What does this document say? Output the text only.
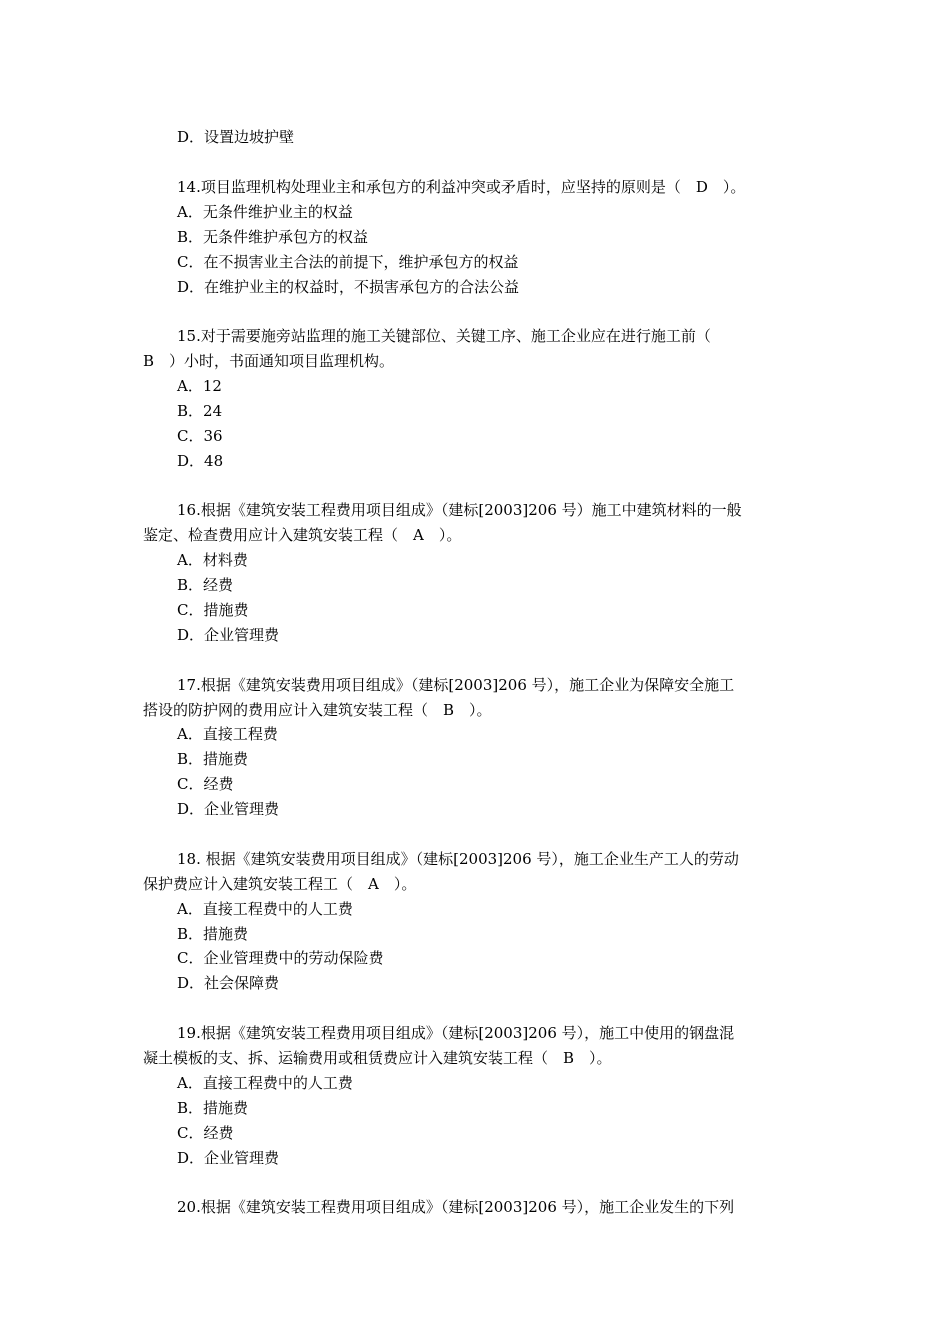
D．设置边坡护壁
14.项目监理机构处理业主和承包方的利益冲突或矛盾时，应坚持的原则是（　D　）。
A．无条件维护业主的权益
B．无条件维护承包方的权益
C．在不损害业主合法的前提下，维护承包方的权益
D．在维护业主的权益时，不损害承包方的合法公益
15.对于需要施旁站监理的施工关键部位、关键工序、施工企业应在进行施工前（
B　）小时，书面通知项目监理机构。
A．12
B．24
C．36
D．48
16.根据《建筑安装工程费用项目组成》（建标[2003]206 号）施工中建筑材料的一般
鉴定、检查费用应计入建筑安装工程（　A　）。
A．材料费
B．经费
C．措施费
D．企业管理费
17.根据《建筑安装费用项目组成》（建标[2003]206 号），施工企业为保障安全施工
搭设的防护网的费用应计入建筑安装工程（　B　）。
A．直接工程费
B．措施费
C．经费
D．企业管理费
18. 根据《建筑安装费用项目组成》（建标[2003]206 号），施工企业生产工人的劳动
保护费应计入建筑安装工程工（　A　）。
A．直接工程费中的人工费
B．措施费
C．企业管理费中的劳动保险费
D．社会保障费
19.根据《建筑安装工程费用项目组成》（建标[2003]206 号），施工中使用的钢盘混
凝土模板的支、拆、运输费用或租赁费应计入建筑安装工程（　B　）。
A．直接工程费中的人工费
B．措施费
C．经费
D．企业管理费
20.根据《建筑安装工程费用项目组成》（建标[2003]206 号），施工企业发生的下列
